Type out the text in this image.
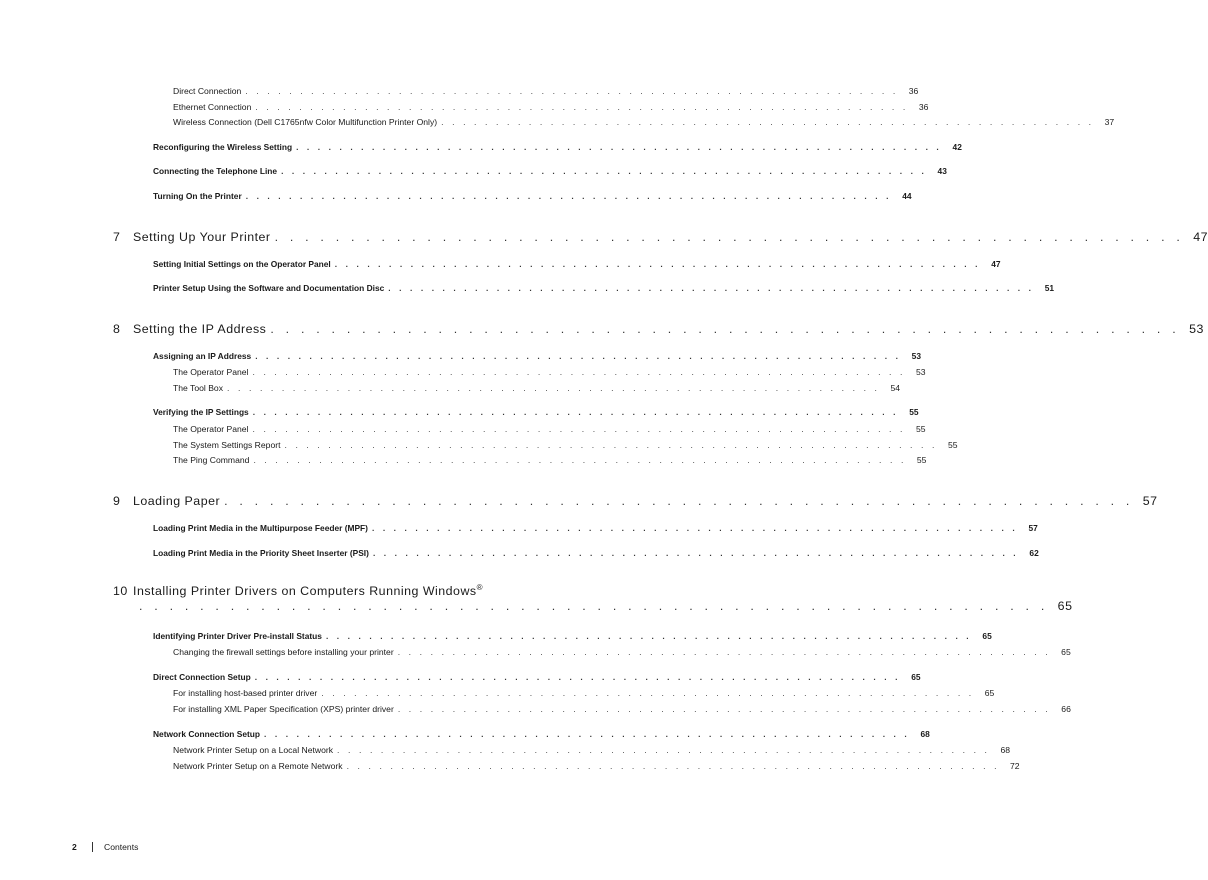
Direct Connection . . . . . . . . . . . . . . . . . . . . . . . . . . . . . . . . . . . . . . . . . . . . . . . . . . . . . . . . . . . .	36
Ethernet Connection . . . . . . . . . . . . . . . . . . . . . . . . . . . . . . . . . . . . . . . . . . . . . . . . . . . . . . . . . . . .	36
Wireless Connection (Dell C1765nfw Color Multifunction Printer Only) . . . . . . . . . . . . . . . . . . . . . . . . . . . . . . . . . . . . . . . . . . . . . . . . . . . . . . . . . . . .	37
Reconfiguring the Wireless Setting . . . . . . . . . . . . . . . . . . . . . . . . . . . . . . . . . . . . . . . . . . . . . . . . . . . . . . . . . . . .	42
Connecting the Telephone Line . . . . . . . . . . . . . . . . . . . . . . . . . . . . . . . . . . . . . . . . . . . . . . . . . . . . . . . . . . . .	43
Turning On the Printer . . . . . . . . . . . . . . . . . . . . . . . . . . . . . . . . . . . . . . . . . . . . . . . . . . . . . . . . . . . .	44
7 Setting Up Your Printer . . . . . . . . . . . . . . . . . . . . . . . . . . . . . . . . . . . . . . . . . . . . . . . . . . . . . . . . . . . . 47
Setting Initial Settings on the Operator Panel . . . . . . . . . . . . . . . . . . . . . . . . . . . . . . . . . . . . . . . . . . . . . . . . . . . . . . . . . . . .	47
Printer Setup Using the Software and Documentation Disc . . . . . . . . . . . . . . . . . . . . . . . . . . . . . . . . . . . . . . . . . . . . . . . . . . . . . . . . . . . .	51
8 Setting the IP Address . . . . . . . . . . . . . . . . . . . . . . . . . . . . . . . . . . . . . . . . . . . . . . . . . . . . . . . . . . . . 53
Assigning an IP Address . . . . . . . . . . . . . . . . . . . . . . . . . . . . . . . . . . . . . . . . . . . . . . . . . . . . . . . . . . . .	53
The Operator Panel . . . . . . . . . . . . . . . . . . . . . . . . . . . . . . . . . . . . . . . . . . . . . . . . . . . . . . . . . . . .	53
The Tool Box . . . . . . . . . . . . . . . . . . . . . . . . . . . . . . . . . . . . . . . . . . . . . . . . . . . . . . . . . . . .	54
Verifying the IP Settings . . . . . . . . . . . . . . . . . . . . . . . . . . . . . . . . . . . . . . . . . . . . . . . . . . . . . . . . . . . .	55
The Operator Panel . . . . . . . . . . . . . . . . . . . . . . . . . . . . . . . . . . . . . . . . . . . . . . . . . . . . . . . . . . . .	55
The System Settings Report . . . . . . . . . . . . . . . . . . . . . . . . . . . . . . . . . . . . . . . . . . . . . . . . . . . . . . . . . . . .	55
The Ping Command . . . . . . . . . . . . . . . . . . . . . . . . . . . . . . . . . . . . . . . . . . . . . . . . . . . . . . . . . . . .	55
9 Loading Paper . . . . . . . . . . . . . . . . . . . . . . . . . . . . . . . . . . . . . . . . . . . . . . . . . . . . . . . . . . . . 57
Loading Print Media in the Multipurpose Feeder (MPF) . . . . . . . . . . . . . . . . . . . . . . . . . . . . . . . . . . . . . . . . . . . . . . . . . . . . . . . . . . . .	57
Loading Print Media in the Priority Sheet Inserter (PSI) . . . . . . . . . . . . . . . . . . . . . . . . . . . . . . . . . . . . . . . . . . . . . . . . . . . . . . . . . . . .	62
10 Installing Printer Drivers on Computers Running Windows®
. . . . . . . . . . . . . . . . . . . . . . . . . . . . . . . . . . . . . . . . . . . . . . . . . . . . . . . . . . . . 65
Identifying Printer Driver Pre-install Status . . . . . . . . . . . . . . . . . . . . . . . . . . . . . . . . . . . . . . . . . . . . . . . . . . . . . . . . . . . .	65
Changing the firewall settings before installing your printer . . . . . . . . . . . . . . . . . . . . . . . . . . . . . . . . . . . . . . . . . . . . . . . . . . . . . . . . . . . .	65
Direct Connection Setup . . . . . . . . . . . . . . . . . . . . . . . . . . . . . . . . . . . . . . . . . . . . . . . . . . . . . . . . . . . .	65
For installing host-based printer driver . . . . . . . . . . . . . . . . . . . . . . . . . . . . . . . . . . . . . . . . . . . . . . . . . . . . . . . . . . . .	65
For installing XML Paper Specification (XPS) printer driver . . . . . . . . . . . . . . . . . . . . . . . . . . . . . . . . . . . . . . . . . . . . . . . . . . . . . . . . . . . .	66
Network Connection Setup . . . . . . . . . . . . . . . . . . . . . . . . . . . . . . . . . . . . . . . . . . . . . . . . . . . . . . . . . . . .	68
Network Printer Setup on a Local Network . . . . . . . . . . . . . . . . . . . . . . . . . . . . . . . . . . . . . . . . . . . . . . . . . . . . . . . . . . . .	68
Network Printer Setup on a Remote Network . . . . . . . . . . . . . . . . . . . . . . . . . . . . . . . . . . . . . . . . . . . . . . . . . . . . . . . . . . . .	72
2	Contents
